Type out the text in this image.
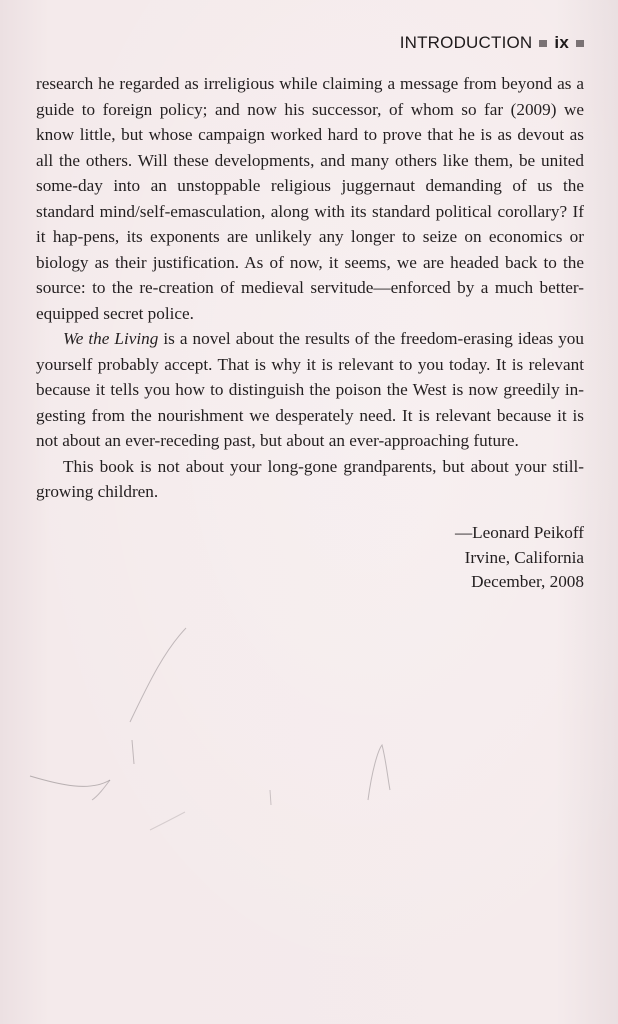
INTRODUCTION ix

research he regarded as irreligious while claiming a message from beyond as a guide to foreign policy; and now his successor, of whom so far (2009) we know little, but whose campaign worked hard to prove that he is as devout as all the others. Will these developments, and many others like them, be united some-day into an unstoppable religious juggernaut demanding of us the standard mind/self-emasculation, along with its standard political corollary? If it hap-pens, its exponents are unlikely any longer to seize on economics or biology as their justification. As of now, it seems, we are headed back to the source: to the re-creation of medieval servitude—enforced by a much better-equipped secret police.

We the Living is a novel about the results of the freedom-erasing ideas you yourself probably accept. That is why it is relevant to you today. It is relevant because it tells you how to distinguish the poison the West is now greedily in-gesting from the nourishment we desperately need. It is relevant because it is not about an ever-receding past, but about an ever-approaching future.

This book is not about your long-gone grandparents, but about your still-growing children.

—Leonard Peikoff
Irvine, California
December, 2008
